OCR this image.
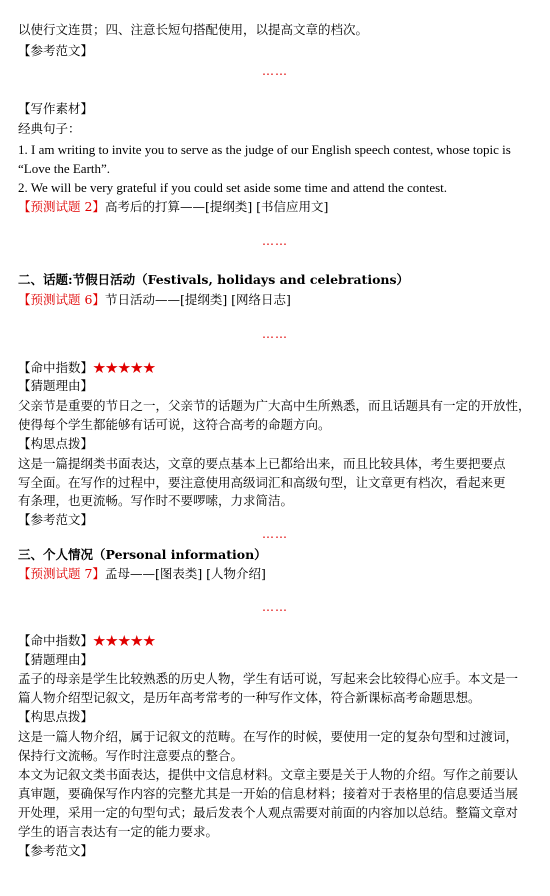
以使行文连贯；四、注意长短句搭配使用，以提高文章的档次。
【参考范文】
……
【写作素材】
经典句子：
1. I am writing to invite you to serve as the judge of our English speech contest, whose topic is
“Love the Earth”.
2. We will be very grateful if you could set aside some time and attend the contest.
【预测试题 2】高考后的打算——[提纲类] [书信应用文]
……
二、话题:节假日活动（Festivals, holidays and celebrations）
【预测试题 6】节日活动——[提纲类] [网络日志]
……
【命中指数】★★★★★
【猜题理由】
父亲节是重要的节日之一，父亲节的话题为广大高中生所熟悉，而且话题具有一定的开放性，
使得每个学生都能够有话可说，这符合高考的命题方向。
【构思点拨】
这是一篇提纲类书面表达，文章的要点基本上已都给出来，而且比较具体，考生要把要点
写全面。在写作的过程中，要注意使用高级词汇和高级句型，让文章更有档次，看起来更
有条理，也更流畅。写作时不要啰嗦，力求简洁。
【参考范文】
……
三、个人情况（Personal information）
【预测试题 7】孟母——[图表类] [人物介绍]
……
【命中指数】★★★★★
【猜题理由】
孟子的母亲是学生比较熟悉的历史人物，学生有话可说，写起来会比较得心应手。本文是一
篇人物介绍型记叙文，是历年高考常考的一种写作文体，符合新课标高考命题思想。
【构思点拨】
这是一篇人物介绍，属于记叙文的范畴。在写作的时候，要使用一定的复杂句型和过渡词，
保持行文流畅。写作时注意要点的整合。
本文为记叙文类书面表达，提供中文信息材料。文章主要是关于人物的介绍。写作之前要认
真审题，要确保写作内容的完整尤其是一开始的信息材料；接着对于表格里的信息要适当展
开处理，采用一定的句型句式；最后发表个人观点需要对前面的内容加以总结。整篇文章对
学生的语言表达有一定的能力要求。
【参考范文】
